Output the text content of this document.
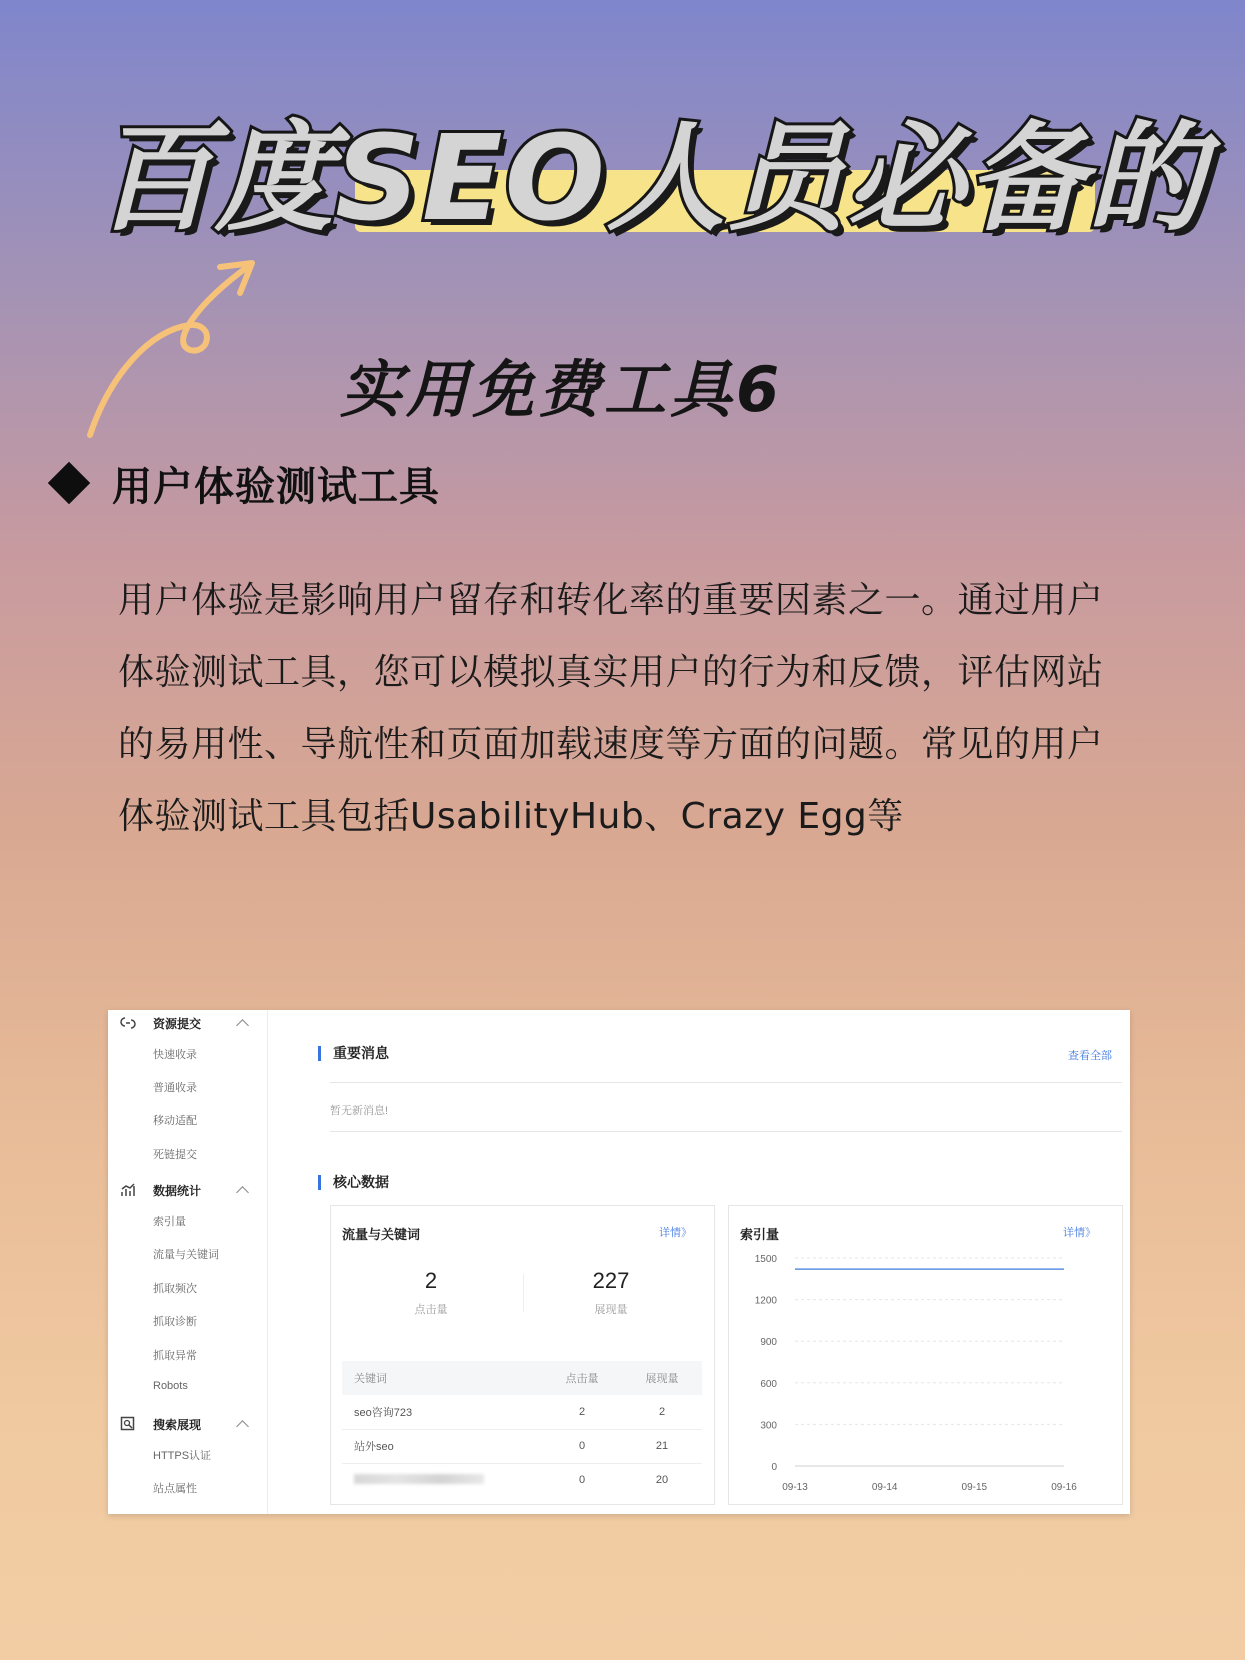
百度SEO人员必备的
实用免费工具6
用户体验测试工具
用户体验是影响用户留存和转化率的重要因素之一。通过用户体验测试工具，您可以模拟真实用户的行为和反馈，评估网站的易用性、导航性和页面加载速度等方面的问题。常见的用户体验测试工具包括UsabilityHub、Crazy Egg等
资源提交
快速收录
普通收录
移动适配
死链提交
数据统计
索引量
流量与关键词
抓取频次
抓取诊断
抓取异常
Robots
搜索展现
HTTPS认证
站点属性
重要消息	查看全部
暂无新消息!
核心数据
流量与关键词	详情》
2
点击量
227
展现量
关键词	点击量	展现量
seo咨询723	2	2
站外seo	0	21
	0	20
索引量	详情》
1500
1200
900
600
300
0
09-13	09-14	09-15	09-16
